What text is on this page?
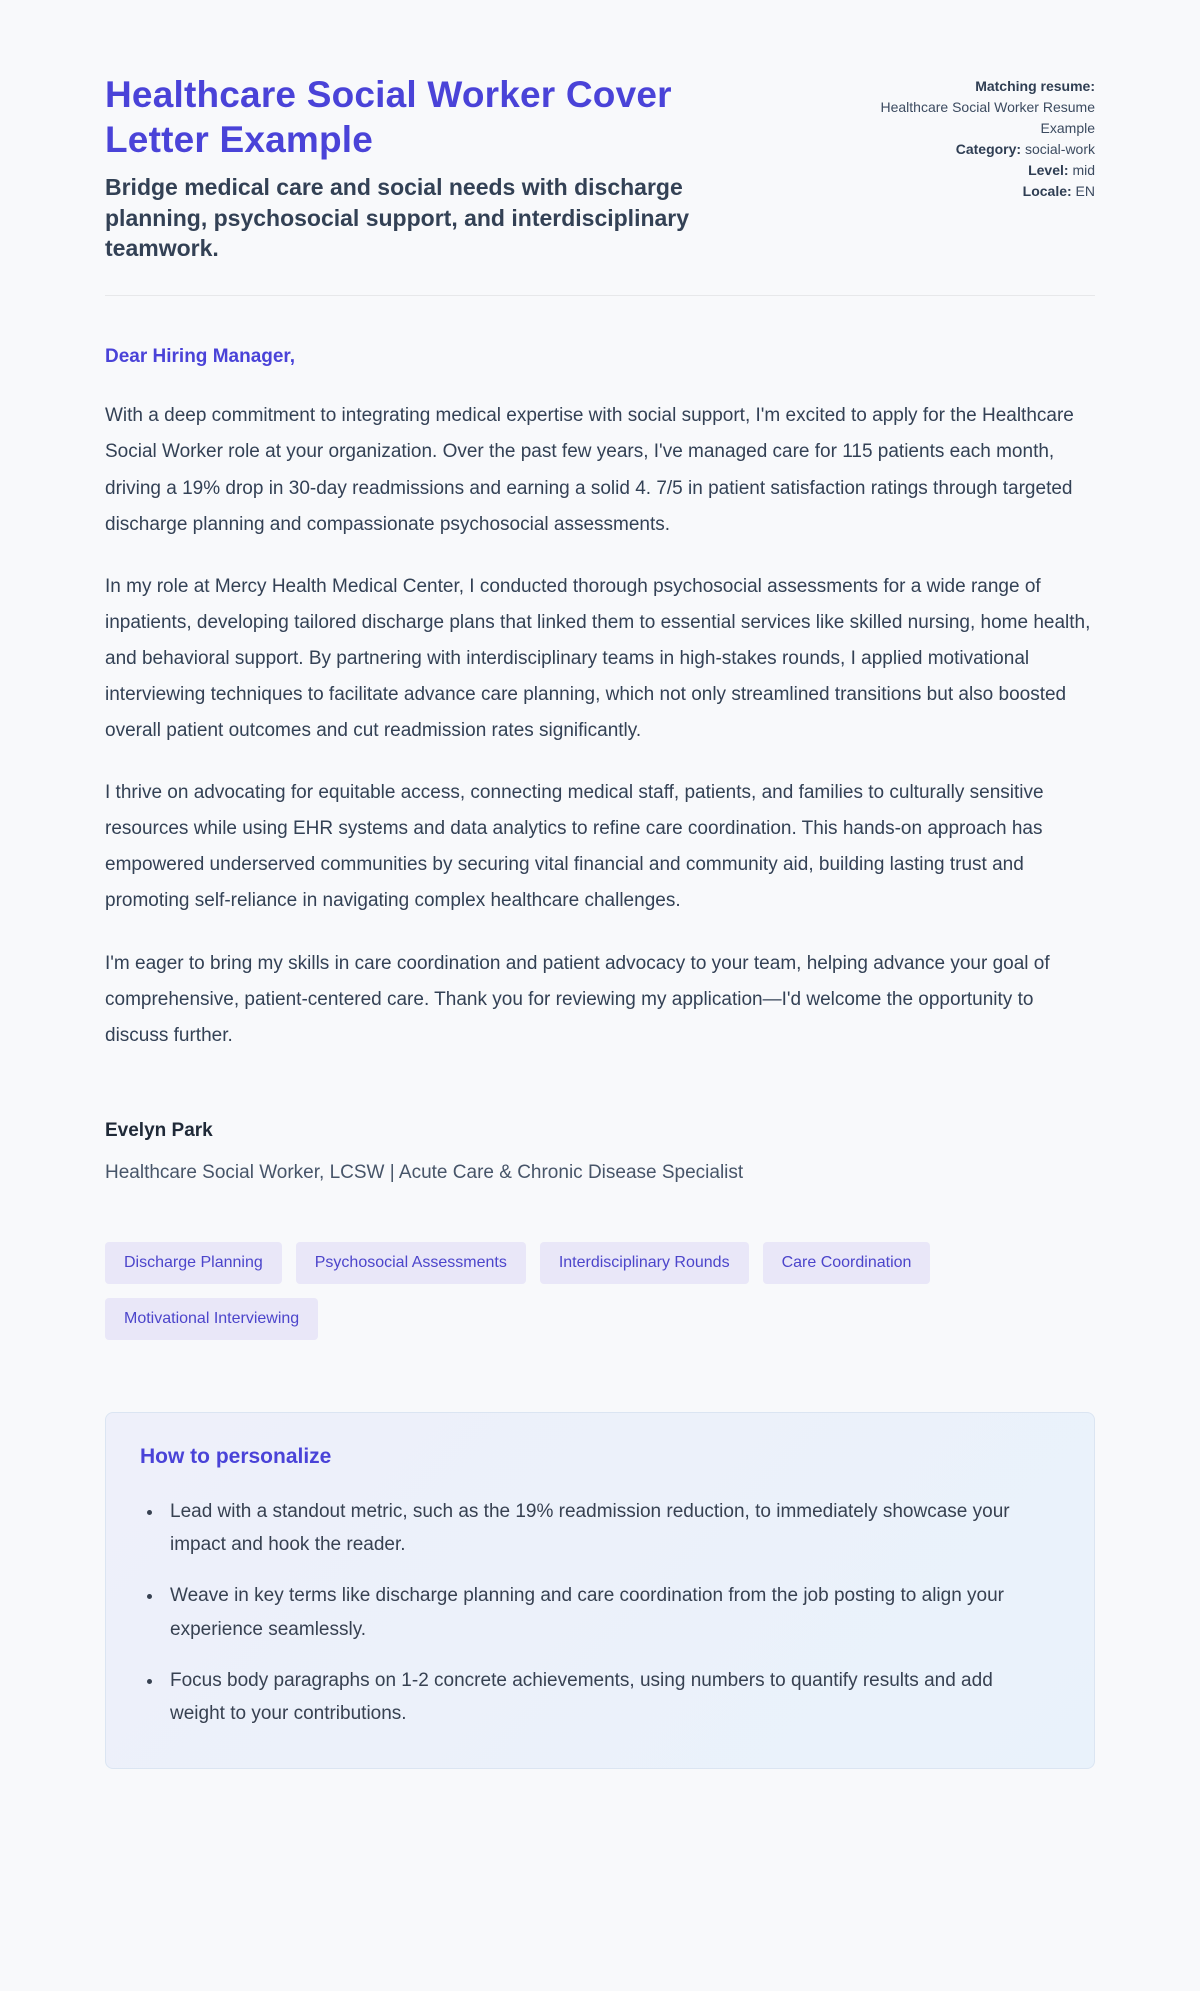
Healthcare Social Worker Cover Letter Example

Bridge medical care and social needs with discharge planning, psychosocial support, and interdisciplinary teamwork.

Matching resume:
Healthcare Social Worker Resume Example
Category: social-work
Level: mid
Locale: EN

Dear Hiring Manager,

With a deep commitment to integrating medical expertise with social support, I'm excited to apply for the Healthcare Social Worker role at your organization. Over the past few years, I've managed care for 115 patients each month, driving a 19% drop in 30-day readmissions and earning a solid 4. 7/5 in patient satisfaction ratings through targeted discharge planning and compassionate psychosocial assessments.

In my role at Mercy Health Medical Center, I conducted thorough psychosocial assessments for a wide range of inpatients, developing tailored discharge plans that linked them to essential services like skilled nursing, home health, and behavioral support. By partnering with interdisciplinary teams in high-stakes rounds, I applied motivational interviewing techniques to facilitate advance care planning, which not only streamlined transitions but also boosted overall patient outcomes and cut readmission rates significantly.

I thrive on advocating for equitable access, connecting medical staff, patients, and families to culturally sensitive resources while using EHR systems and data analytics to refine care coordination. This hands-on approach has empowered underserved communities by securing vital financial and community aid, building lasting trust and promoting self-reliance in navigating complex healthcare challenges.

I'm eager to bring my skills in care coordination and patient advocacy to your team, helping advance your goal of comprehensive, patient-centered care. Thank you for reviewing my application—I'd welcome the opportunity to discuss further.

Evelyn Park

Healthcare Social Worker, LCSW | Acute Care & Chronic Disease Specialist

Discharge Planning	Psychosocial Assessments	Interdisciplinary Rounds	Care Coordination
Motivational Interviewing
How to personalize
• Lead with a standout metric, such as the 19% readmission reduction, to immediately showcase your impact and hook the reader.
• Weave in key terms like discharge planning and care coordination from the job posting to align your experience seamlessly.
• Focus body paragraphs on 1-2 concrete achievements, using numbers to quantify results and add weight to your contributions.
